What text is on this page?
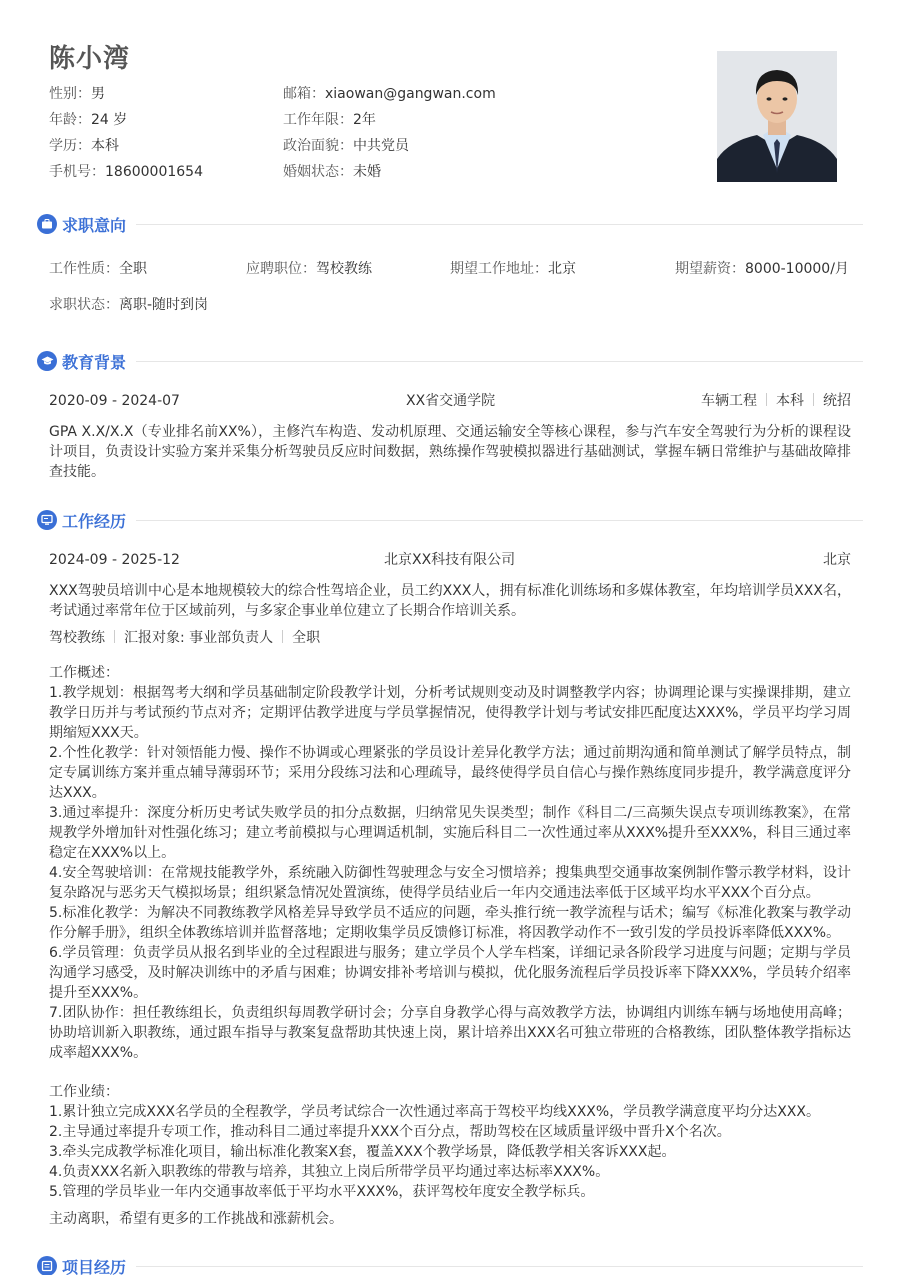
陈小湾
性别：男	邮箱：xiaowan@gangwan.com
年龄：24 岁	工作年限：2年
学历：本科	政治面貌：中共党员
手机号：18600001654	婚姻状态：未婚
求职意向
工作性质：全职	应聘职位：驾校教练	期望工作地址：北京	期望薪资：8000-10000/月
求职状态：离职-随时到岗
教育背景
2020-09 - 2024-07	XX省交通学院	车辆工程 本科 统招
GPA X.X/X.X（专业排名前XX%），主修汽车构造、发动机原理、交通运输安全等核心课程，参与汽车安全驾驶行为分析的课程设计项目，负责设计实验方案并采集分析驾驶员反应时间数据，熟练操作驾驶模拟器进行基础测试，掌握车辆日常维护与基础故障排查技能。
工作经历
2024-09 - 2025-12	北京XX科技有限公司	北京
XXX驾驶员培训中心是本地规模较大的综合性驾培企业，员工约XXX人，拥有标准化训练场和多媒体教室，年均培训学员XXX名，考试通过率常年位于区域前列，与多家企事业单位建立了长期合作培训关系。
驾校教练 汇报对象: 事业部负责人 全职
工作概述：
1.教学规划：根据驾考大纲和学员基础制定阶段教学计划，分析考试规则变动及时调整教学内容；协调理论课与实操课排期，建立教学日历并与考试预约节点对齐；定期评估教学进度与学员掌握情况，使得教学计划与考试安排匹配度达XXX%，学员平均学习周期缩短XXX天。
2.个性化教学：针对领悟能力慢、操作不协调或心理紧张的学员设计差异化教学方法；通过前期沟通和简单测试了解学员特点，制定专属训练方案并重点辅导薄弱环节；采用分段练习法和心理疏导，最终使得学员自信心与操作熟练度同步提升，教学满意度评分达XXX。
3.通过率提升：深度分析历史考试失败学员的扣分点数据，归纳常见失误类型；制作《科目二/三高频失误点专项训练教案》，在常规教学外增加针对性强化练习；建立考前模拟与心理调适机制，实施后科目二一次性通过率从XXX%提升至XXX%，科目三通过率稳定在XXX%以上。
4.安全驾驶培训：在常规技能教学外，系统融入防御性驾驶理念与安全习惯培养；搜集典型交通事故案例制作警示教学材料，设计复杂路况与恶劣天气模拟场景；组织紧急情况处置演练，使得学员结业后一年内交通违法率低于区域平均水平XXX个百分点。
5.标准化教学：为解决不同教练教学风格差异导致学员不适应的问题，牵头推行统一教学流程与话术；编写《标准化教案与教学动作分解手册》，组织全体教练培训并监督落地；定期收集学员反馈修订标准，将因教学动作不一致引发的学员投诉率降低XXX%。
6.学员管理：负责学员从报名到毕业的全过程跟进与服务；建立学员个人学车档案，详细记录各阶段学习进度与问题；定期与学员沟通学习感受，及时解决训练中的矛盾与困难；协调安排补考培训与模拟，优化服务流程后学员投诉率下降XXX%，学员转介绍率提升至XXX%。
7.团队协作：担任教练组长，负责组织每周教学研讨会；分享自身教学心得与高效教学方法，协调组内训练车辆与场地使用高峰；协助培训新入职教练，通过跟车指导与教案复盘帮助其快速上岗，累计培养出XXX名可独立带班的合格教练，团队整体教学指标达成率超XXX%。
工作业绩：
1.累计独立完成XXX名学员的全程教学，学员考试综合一次性通过率高于驾校平均线XXX%，学员教学满意度平均分达XXX。
2.主导通过率提升专项工作，推动科目二通过率提升XXX个百分点，帮助驾校在区域质量评级中晋升X个名次。
3.牵头完成教学标准化项目，输出标准化教案X套，覆盖XXX个教学场景，降低教学相关客诉XXX起。
4.负责XXX名新入职教练的带教与培养，其独立上岗后所带学员平均通过率达标率XXX%。
5.管理的学员毕业一年内交通事故率低于平均水平XXX%，获评驾校年度安全教学标兵。
主动离职，希望有更多的工作挑战和涨薪机会。
项目经历
